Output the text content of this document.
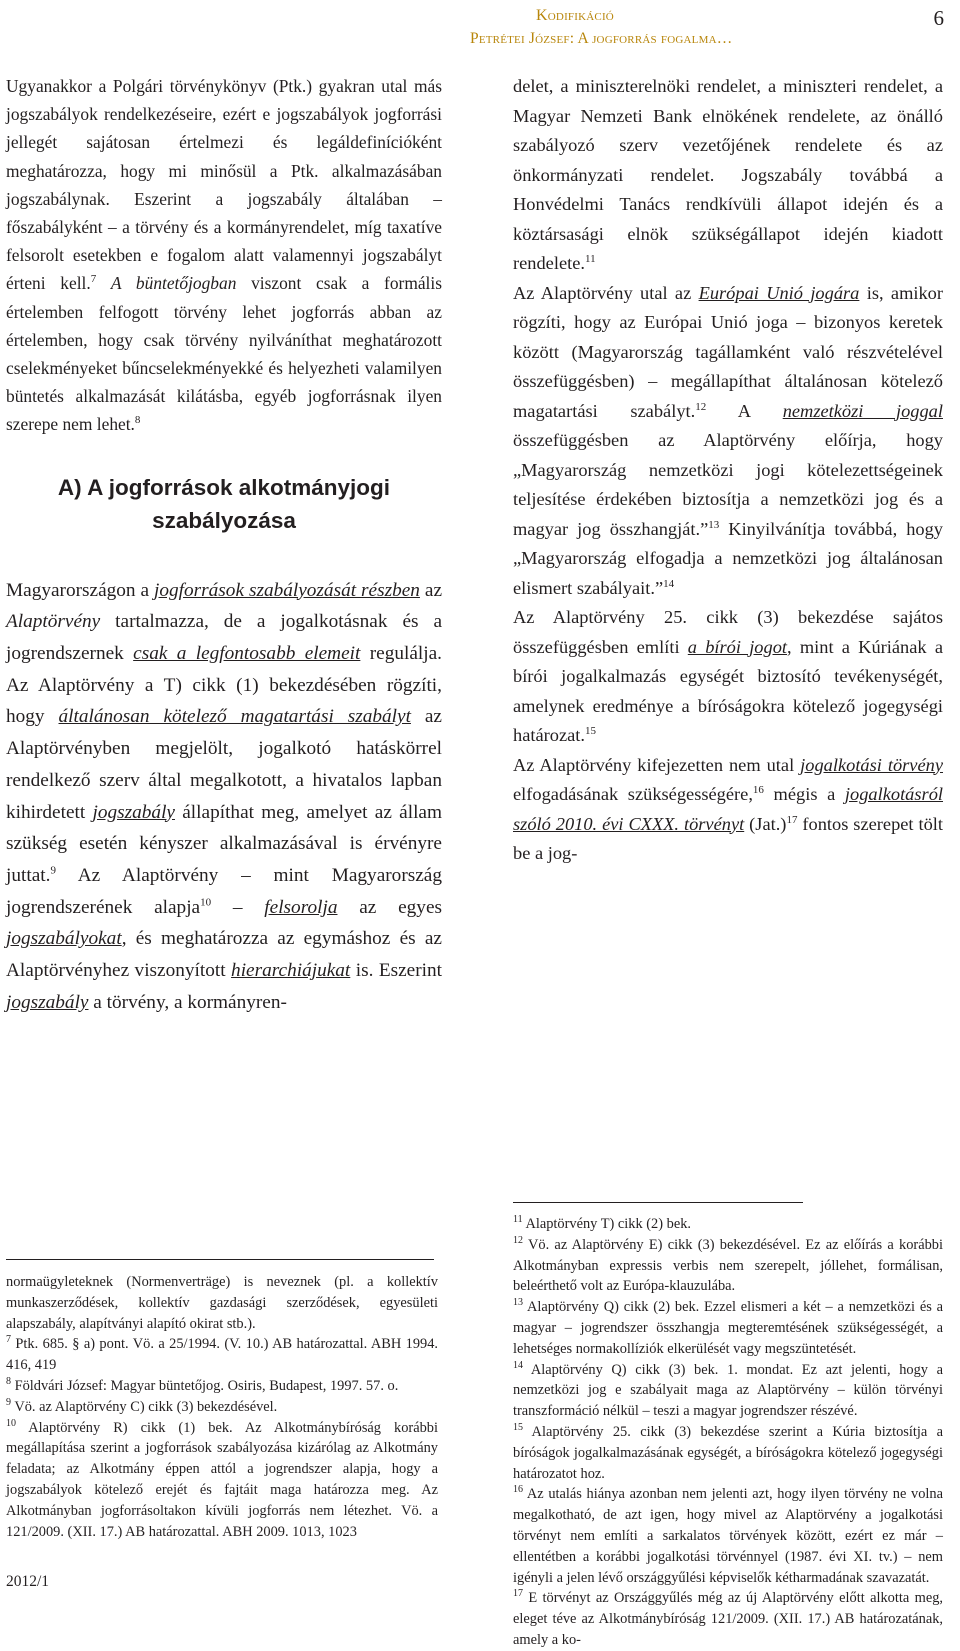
Kodifikáció
Petrétei József: A jogforrás fogalma…
6

Ugyanakkor a Polgári törvénykönyv (Ptk.) gyakran utal más jogszabályok rendelkezéseire, ezért e jogszabályok jogforrási jellegét sajátosan értelmezi és legáldefinícióként meghatározza, hogy mi minősül a Ptk. alkalmazásában jogszabálynak. Eszerint a jogszabály általában – főszabályként – a törvény és a kormányrendelet, míg taxatíve felsorolt esetekben e fogalom alatt valamennyi jogszabályt érteni kell.$^7$ A büntetőjogban viszont csak a formális értelemben felfogott törvény lehet jogforrás abban az értelemben, hogy csak törvény nyilváníthat meghatározott cselekményeket bűncselekményekké és helyezheti valamilyen büntetés alkalmazását kilátásba, egyéb jogforrásnak ilyen szerepe nem lehet.$^8$

A) A jogforrások alkotmányjogi
szabályozása

Magyarországon a jogforrások szabályozását részben az Alaptörvény tartalmazza, de a jogalkotásnak és a jogrendszernek csak a legfontosabb elemeit regulálja. Az Alaptörvény a T) cikk (1) bekezdésében rögzíti, hogy általánosan kötelező magatartási szabályt az Alaptörvényben megjelölt, jogalkotó hatáskörrel rendelkező szerv által megalkotott, a hivatalos lapban kihirdetett jogszabály állapíthat meg, amelyet az állam szükség esetén kényszer alkalmazásával is érvényre juttat.$^9$ Az Alaptörvény – mint Magyarország jogrendszerének alapja$^{10}$ – felsorolja az egyes jogszabályokat, és meghatározza az egymáshoz és az Alaptörvényhez viszonyított hierarchiájukat is. Eszerint jogszabály a törvény, a kormányren-

normaügyleteknek (Normenverträge) is neveznek (pl. a kollektív munkaszerződések, kollektív gazdasági szerződések, egyesületi alapszabály, alapítványi alapító okirat stb.).

$^7$ Ptk. 685. § a) pont. Vö. a 25/1994. (V. 10.) AB határozattal. ABH 1994. 416, 419

$^8$ Földvári József: Magyar büntetőjog. Osiris, Budapest, 1997. 57. o.

$^9$ Vö. az Alaptörvény C) cikk (3) bekezdésével.

$^{10}$ Alaptörvény R) cikk (1) bek. Az Alkotmánybíróság korábbi megállapítása szerint a jogforrások szabályozása kizárólag az Alkotmány feladata; az Alkotmány éppen attól a jogrendszer alapja, hogy a jogszabályok kötelező erejét és fajtáit maga határozza meg. Az Alkotmányban jogforrásoltakon kívüli jogforrás nem létezhet. Vö. a 121/2009. (XII. 17.) AB határozattal. ABH 2009. 1013, 1023

2012/1

delet, a miniszterelnöki rendelet, a miniszteri rendelet, a Magyar Nemzeti Bank elnökének rendelete, az önálló szabályozó szerv vezetőjének rendelete és az önkormányzati rendelet. Jogszabály továbbá a Honvédelmi Tanács rendkívüli állapot idején és a köztársasági elnök szükségállapot idején kiadott rendelete.$^{11}$

Az Alaptörvény utal az Európai Unió jogára is, amikor rögzíti, hogy az Európai Unió joga – bizonyos keretek között (Magyarország tagállamként való részvételével összefüggésben) – megállapíthat általánosan kötelező magatartási szabályt.$^{12}$ A nemzetközi joggal összefüggésben az Alaptörvény előírja, hogy „Magyarország nemzetközi jogi kötelezettségeinek teljesítése érdekében biztosítja a nemzetközi jog és a magyar jog összhangját.”$^{13}$ Kinyilvánítja továbbá, hogy „Magyarország elfogadja a nemzetközi jog általánosan elismert szabályait.”$^{14}$

Az Alaptörvény 25. cikk (3) bekezdése sajátos összefüggésben említi a bírói jogot, mint a Kúriának a bírói jogalkalmazás egységét biztosító tevékenységét, amelynek eredménye a bíróságokra kötelező jogegységi határozat.$^{15}$

Az Alaptörvény kifejezetten nem utal jogalkotási törvény elfogadásának szükségességére,$^{16}$ mégis a jogalkotásról szóló 2010. évi CXXX. törvényt $(Jat.)^{17}$ fontos szerepet tölt be a jog-

$^{11}$ Alaptörvény T) cikk (2) bek.

$^{12}$ Vö. az Alaptörvény E) cikk (3) bekezdésével. Ez az előírás a korábbi Alkotmányban expressis verbis nem szerepelt, jóllehet, formálisan, beleérthető volt az Európa-klauzulába.

$^{13}$ Alaptörvény Q) cikk (2) bek. Ezzel elismeri a két – a nemzetközi és a magyar – jogrendszer összhangja megteremtésének szükségességét, a lehetséges normakollíziók elkerülését vagy megszüntetését.

$^{14}$ Alaptörvény Q) cikk (3) bek. 1. mondat. Ez azt jelenti, hogy a nemzetközi jog e szabályait maga az Alaptörvény – külön törvényi transzformáció nélkül – teszi a magyar jogrendszer részévé.

$^{15}$ Alaptörvény 25. cikk (3) bekezdése szerint a Kúria biztosítja a bíróságok jogalkalmazásának egységét, a bíróságokra kötelező jogegységi határozatot hoz.

$^{16}$ Az utalás hiánya azonban nem jelenti azt, hogy ilyen törvény ne volna megalkotható, de azt igen, hogy mivel az Alaptörvény a jogalkotási törvényt nem említi a sarkalatos törvények között, ezért ez már – ellentétben a korábbi jogalkotási törvénnyel (1987. évi XI. tv.) – nem igényli a jelen lévő országgyűlési képviselők kétharmadának szavazatát.

$^{17}$ E törvényt az Országgyűlés még az új Alaptörvény előtt alkotta meg, eleget téve az Alkotmánybíróság 121/2009. (XII. 17.) AB határozatának, amely a ko-
